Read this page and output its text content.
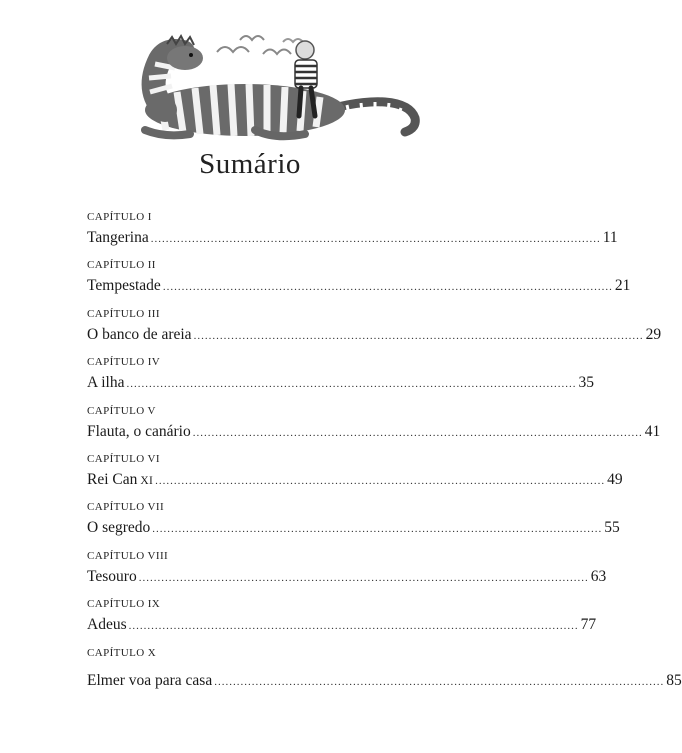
Sumário
CAPÍTULO I
Tangerina ........................................................................................................................ 11
CAPÍTULO II
Tempestade ........................................................................................................................ 21
CAPÍTULO III
O banco de areia ........................................................................................................................ 29
CAPÍTULO IV
A ilha ........................................................................................................................ 35
CAPÍTULO V
Flauta, o canário ........................................................................................................................ 41
CAPÍTULO VI
Rei Can XI ........................................................................................................................ 49
CAPÍTULO VII
O segredo ........................................................................................................................ 55
CAPÍTULO VIII
Tesouro ........................................................................................................................ 63
CAPÍTULO IX
Adeus ........................................................................................................................ 77
CAPÍTULO X
Elmer voa para casa ........................................................................................................................ 85
